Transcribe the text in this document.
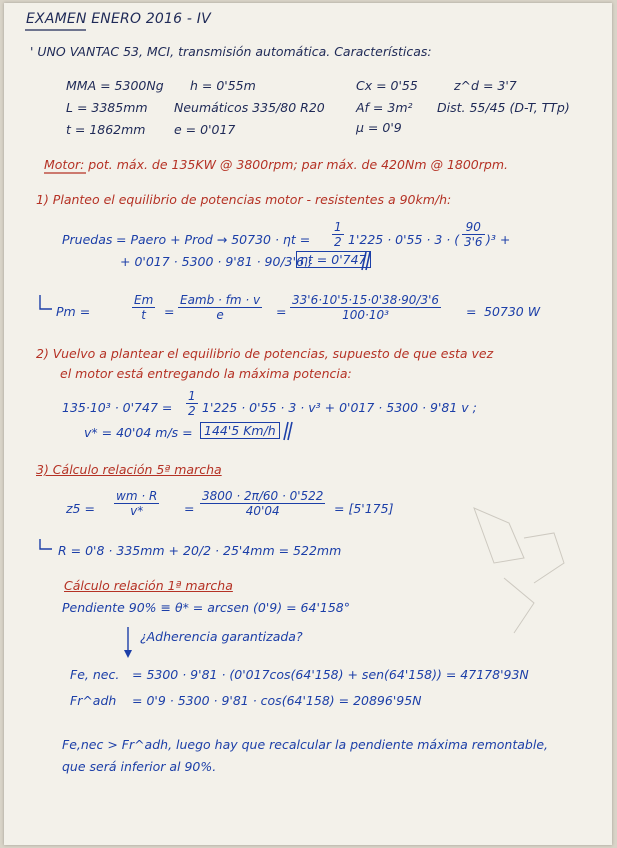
EXAMEN ENERO 2016 - IV
' UNO VANTAC 53, MCI, transmisión automática. Características:
MMA = 5300Ng h = 0'55m	Cx = 0'55	z^d = 3'7
L = 3385mm Neumáticos 335/80 R20	Af = 3m² Dist. 55/45 (D-T, TTp)
t = 1862mm e = 0'017	μ = 0'9
Motor: pot. máx. de 135KW @ 3800rpm; par máx. de 420Nm @ 1800rpm.
1) Planteo el equilibrio de potencias motor - resistentes a 90km/h:
Pruedas = Paero + Prod → $50730 \cdot \eta t = \frac{1}{2} 1'225 \cdot 0'55 \cdot 3$ · ( $\frac{90}{3'6} )^3$ +
+ 0'017 · 5300 · 9'81 · 90/3'6 ;
ηt = 0'747
Pm =	$\frac{Em}{t}$ =
Eamb · fm · v
e	= $\frac{33'6\cdot 10'5\cdot 15\cdot 0'38\cdot 90/3'6}{\text{100·10³}} = 50730$ W
2) Vuelvo a plantear el equilibrio de potencias, supuesto de que esta vez
el motor está entregando la máxima potencia:
$135\cdot 10^3 \cdot 0'747 = \frac{1}{2} 1'225 \cdot 0'55 \cdot 3 \cdot v^3 + 0'017 \cdot 5300 \cdot 9'81$ v ;
v* = 40'04 m/s = 144'5 Km/h
3) Cálculo relación 5ª marcha
$z5 = \frac{wm \cdot R}{v*} = \frac{3800 \cdot 2\pi/60 \cdot 0'522}{40'04} = [5'175]$
R = 0'8 · 335mm + 20/2 · 25'4mm = 522mm
Cálculo relación 1ª marcha
Pendiente 90% ≡ θ* = arcsen (0'9) = 64'158°
¿Adherencia garantizada?
Fe, nec. = 5300 · 9'81 · (0'017cos(64'158) + sen(64'158)) = 47178'93N
Fr^adh = 0'9 · 5300 · 9'81 · cos(64'158) = 20896'95N
Fe,nec > Fr^adh, luego hay que recalcular la pendiente máxima remontable,
que será inferior al 90%.
